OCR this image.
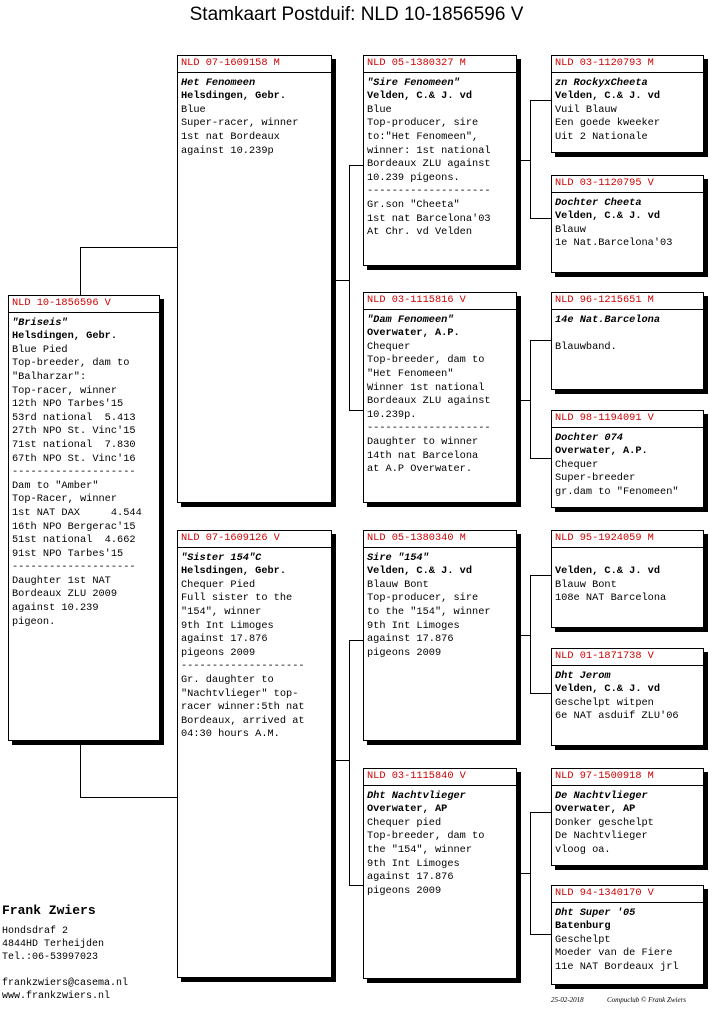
Stamkaart Postduif: NLD 10-1856596 V
NLD 10-1856596 V
"Briseis"
Helsdingen, Gebr.
Blue Pied
Top-breeder, dam to
"Balharzar":
Top-racer, winner
12th NPO Tarbes'15
53rd national  5.413
27th NPO St. Vinc'15
71st national  7.830
67th NPO St. Vinc'16
--------------------
Dam to "Amber"
Top-Racer, winner
1st NAT DAX     4.544
16th NPO Bergerac'15
51st national  4.662
91st NPO Tarbes'15
--------------------
Daughter 1st NAT
Bordeaux ZLU 2009
against 10.239
pigeon.
NLD 07-1609158 M
Het Fenomeen
Helsdingen, Gebr.
Blue
Super-racer, winner
1st nat Bordeaux
against 10.239p
NLD 07-1609126 V
"Sister 154"C
Helsdingen, Gebr.
Chequer Pied
Full sister to the
"154", winner
9th Int Limoges
against 17.876
pigeons 2009
--------------------
Gr. daughter to
"Nachtvlieger" top-
racer winner:5th nat
Bordeaux, arrived at
04:30 hours A.M.
NLD 05-1380327 M
"Sire Fenomeen"
Velden, C.& J. vd
Blue
Top-producer, sire
to:"Het Fenomeen",
winner: 1st national
Bordeaux ZLU against
10.239 pigeons.
--------------------
Gr.son "Cheeta"
1st nat Barcelona'03
At Chr. vd Velden
NLD 03-1115816 V
"Dam Fenomeen"
Overwater, A.P.
Chequer
Top-breeder, dam to
"Het Fenomeen"
Winner 1st national
Bordeaux ZLU against
10.239p.
--------------------
Daughter to winner
14th nat Barcelona
at A.P Overwater.
NLD 05-1380340 M
Sire "154"
Velden, C.& J. vd
Blauw Bont
Top-producer, sire
to the "154", winner
9th Int Limoges
against 17.876
pigeons 2009
NLD 03-1115840 V
Dht Nachtvlieger
Overwater, AP
Chequer pied
Top-breeder, dam to
the "154", winner
9th Int Limoges
against 17.876
pigeons 2009
NLD 03-1120793 M
zn RockyxCheeta
Velden, C.& J. vd
Vuil Blauw
Een goede kweeker
Uit 2 Nationale
NLD 03-1120795 V
Dochter Cheeta
Velden, C.& J. vd
Blauw
1e Nat.Barcelona'03
NLD 96-1215651 M
14e Nat.Barcelona
Blauwband.
NLD 98-1194091 V
Dochter 074
Overwater, A.P.
Chequer
Super-breeder
gr.dam to "Fenomeen"
NLD 95-1924059 M
Velden, C.& J. vd
Blauw Bont
108e NAT Barcelona
NLD 01-1871738 V
Dht Jerom
Velden, C.& J. vd
Geschelpt witpen
6e NAT asduif ZLU'06
NLD 97-1500918 M
De Nachtvlieger
Overwater, AP
Donker geschelpt
De Nachtvlieger
vloog oa.
NLD 94-1340170 V
Dht Super '05
Batenburg
Geschelpt
Moeder van de Fiere
11e NAT Bordeaux jrl
Frank Zwiers
Hondsdraf 2
4844HD Terheijden
Tel.:06-53997023
frankzwiers@casema.nl
www.frankzwiers.nl	25-02-2018	Compuclub © Frank Zwiers
